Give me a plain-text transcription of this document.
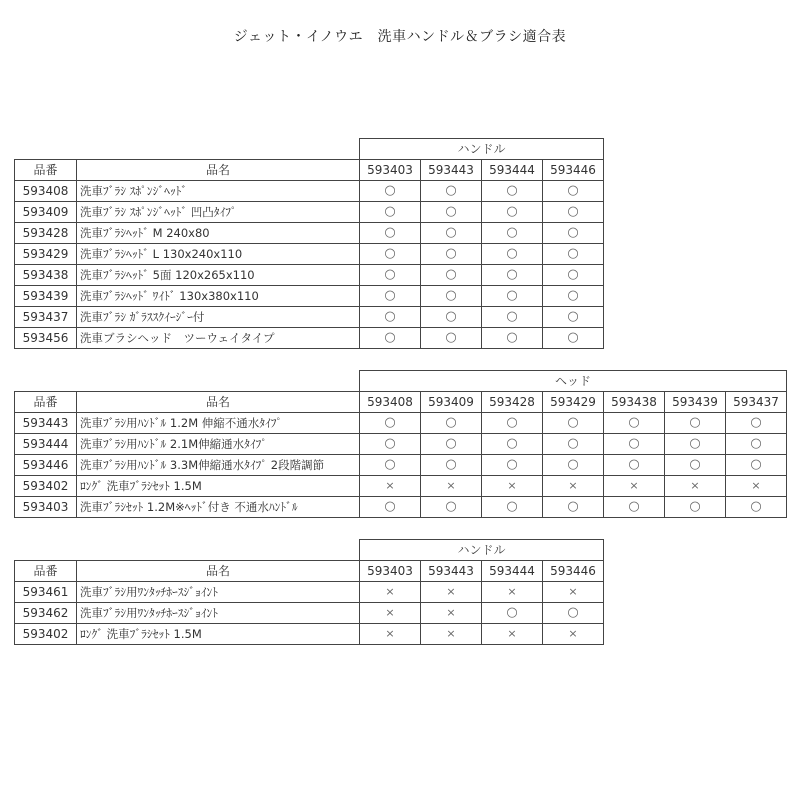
ジェット・イノウエ　洗車ハンドル＆ブラシ適合表
		ハンドル			
品番	品名	593403	593443	593444	593446
593408	洗車ﾌﾞﾗｼ ｽﾎﾟﾝｼﾞﾍｯﾄﾞ	○	○	○	○
593409	洗車ﾌﾞﾗｼ ｽﾎﾟﾝｼﾞﾍｯﾄﾞ 凹凸ﾀｲﾌﾟ	○	○	○	○
593428	洗車ﾌﾞﾗｼﾍｯﾄﾞ M 240x80	○	○	○	○
593429	洗車ﾌﾞﾗｼﾍｯﾄﾞ L 130x240x110	○	○	○	○
593438	洗車ﾌﾞﾗｼﾍｯﾄﾞ 5面 120x265x110	○	○	○	○
593439	洗車ﾌﾞﾗｼﾍｯﾄﾞ ﾜｲﾄﾞ 130x380x110	○	○	○	○
593437	洗車ﾌﾞﾗｼ ｶﾞﾗｽｽｸｲｰｼﾞｰ付	○	○	○	○
593456	洗車ブラシヘッド　ツーウェイタイプ	○	○	○	○
		ヘッド						
品番	品名	593408	593409	593428	593429	593438	593439	593437
593443	洗車ﾌﾞﾗｼ用ﾊﾝﾄﾞﾙ 1.2M 伸縮不通水ﾀｲﾌﾟ	○	○	○	○	○	○	○
593444	洗車ﾌﾞﾗｼ用ﾊﾝﾄﾞﾙ 2.1M伸縮通水ﾀｲﾌﾟ	○	○	○	○	○	○	○
593446	洗車ﾌﾞﾗｼ用ﾊﾝﾄﾞﾙ 3.3M伸縮通水ﾀｲﾌﾟ 2段階調節	○	○	○	○	○	○	○
593402	ﾛﾝｸﾞ 洗車ﾌﾞﾗｼｾｯﾄ 1.5M	×	×	×	×	×	×	×
593403	洗車ﾌﾞﾗｼｾｯﾄ 1.2M※ﾍｯﾄﾞ付き 不通水ﾊﾝﾄﾞﾙ	○	○	○	○	○	○	○
		ハンドル			
品番	品名	593403	593443	593444	593446
593461	洗車ﾌﾞﾗｼ用ﾜﾝﾀｯﾁﾎｰｽｼﾞｮｲﾝﾄ	×	×	×	×
593462	洗車ﾌﾞﾗｼ用ﾜﾝﾀｯﾁﾎｰｽｼﾞｮｲﾝﾄ	×	×	○	○
593402	ﾛﾝｸﾞ 洗車ﾌﾞﾗｼｾｯﾄ 1.5M	×	×	×	×
